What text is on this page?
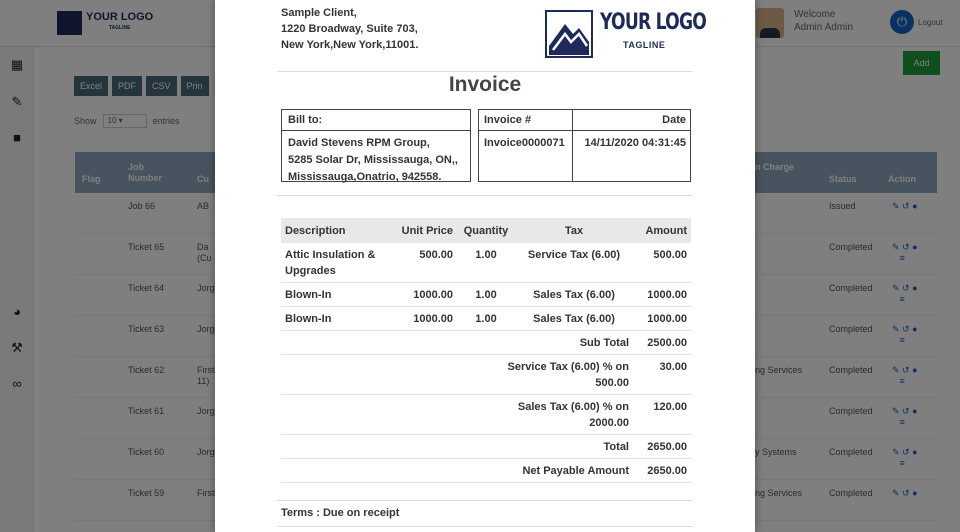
Sample Client,
1220 Broadway, Suite 703,
New York,New York,11001.
YOUR LOGO
TAGLINE
Invoice
Bill to:
David Stevens RPM Group,
5285 Solar Dr, Mississauga, ON,,
Mississauga,Onatrio, 942558.
Invoice #	Date
Invoice0000071 14/11/2020 04:31:45
Description	Unit Price	Quantity	Tax	Amount
Attic Insulation & Upgrades	500.00	1.00	Service Tax (6.00)	500.00
Blown-In	1000.00	1.00	Sales Tax (6.00)	1000.00
Blown-In	1000.00	1.00	Sales Tax (6.00)	1000.00
		Sub Total		2500.00
		Service Tax (6.00) % on 500.00		30.00
		Sales Tax (6.00) % on 2000.00		120.00
		Total		2650.00
		Net Payable Amount		2650.00
Terms : Due on receipt
